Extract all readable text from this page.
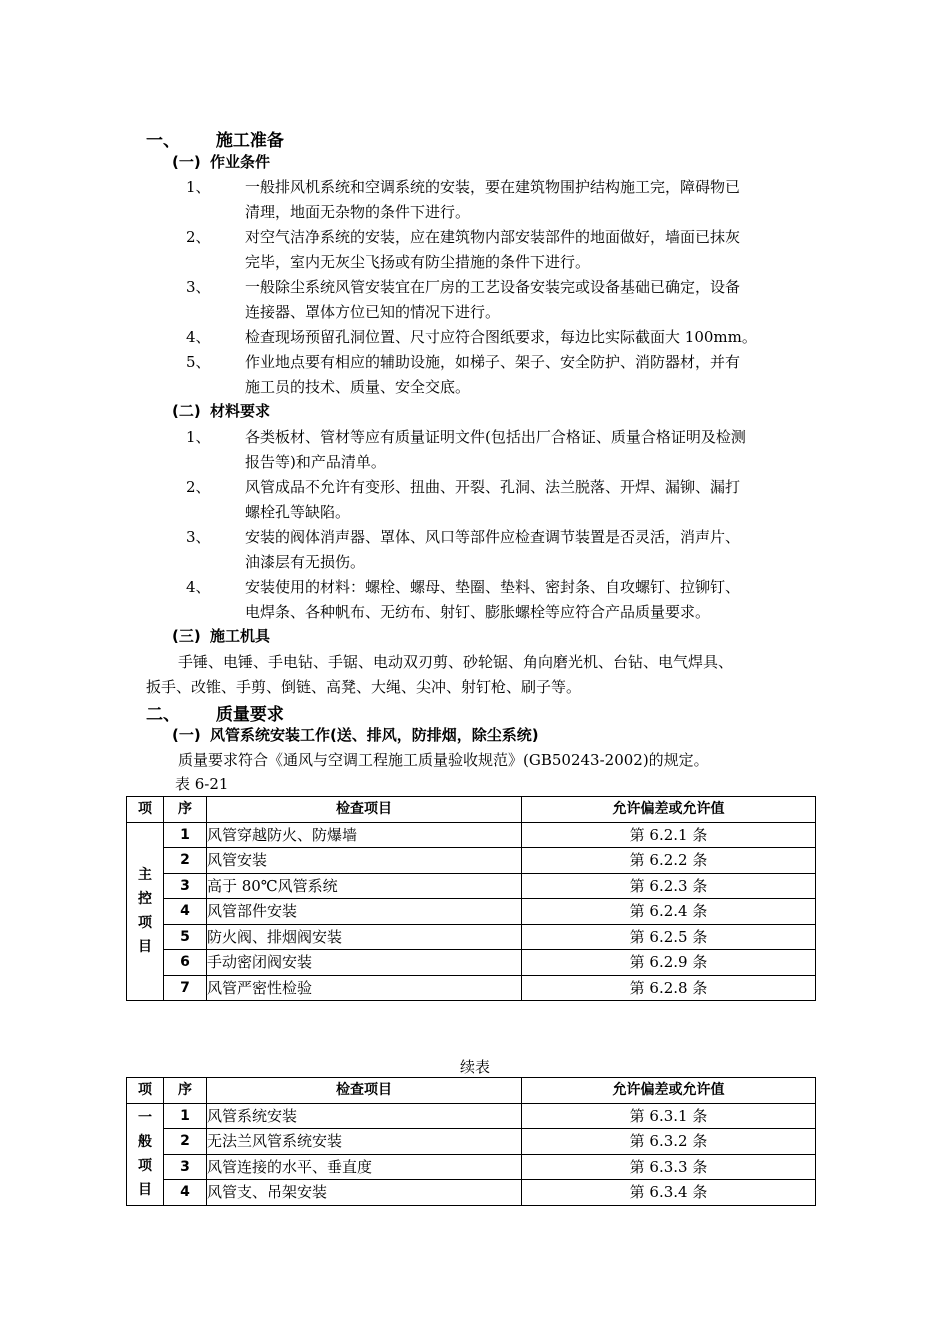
一、 施工准备
(一) 作业条件
1、 一般排风机系统和空调系统的安装，要在建筑物围护结构施工完，障碍物已
清理，地面无杂物的条件下进行。
2、 对空气洁净系统的安装，应在建筑物内部安装部件的地面做好，墙面已抹灰
完毕，室内无灰尘飞扬或有防尘措施的条件下进行。
3、 一般除尘系统风管安装宜在厂房的工艺设备安装完或设备基础已确定，设备
连接器、罩体方位已知的情况下进行。
4、 检查现场预留孔洞位置、尺寸应符合图纸要求，每边比实际截面大 100mm。
5、 作业地点要有相应的辅助设施，如梯子、架子、安全防护、消防器材，并有
施工员的技术、质量、安全交底。
(二) 材料要求
1、 各类板材、管材等应有质量证明文件(包括出厂合格证、质量合格证明及检测
报告等)和产品清单。
2、 风管成品不允许有变形、扭曲、开裂、孔洞、法兰脱落、开焊、漏铆、漏打
螺栓孔等缺陷。
3、 安装的阀体消声器、罩体、风口等部件应检查调节装置是否灵活，消声片、
油漆层有无损伤。
4、 安装使用的材料：螺栓、螺母、垫圈、垫料、密封条、自攻螺钉、拉铆钉、
电焊条、各种帆布、无纺布、射钉、膨胀螺栓等应符合产品质量要求。
(三) 施工机具
手锤、电锤、手电钻、手锯、电动双刃剪、砂轮锯、角向磨光机、台钻、电气焊具、
扳手、改锥、手剪、倒链、高凳、大绳、尖冲、射钉枪、刷子等。
二、 质量要求
(一) 风管系统安装工作(送、排风，防排烟，除尘系统)
质量要求符合《通风与空调工程施工质量验收规范》(GB50243-2002)的规定。
表 6-21
项	序	检查项目	允许偏差或允许值
主控项目	1	风管穿越防火、防爆墙	第 6.2.1 条
	2	风管安装	第 6.2.2 条
	3	高于 80℃风管系统	第 6.2.3 条
	4	风管部件安装	第 6.2.4 条
	5	防火阀、排烟阀安装	第 6.2.5 条
	6	手动密闭阀安装	第 6.2.9 条
	7	风管严密性检验	第 6.2.8 条
续表
项	序	检查项目	允许偏差或允许值
一般项目	1	风管系统安装	第 6.3.1 条
	2	无法兰风管系统安装	第 6.3.2 条
	3	风管连接的水平、垂直度	第 6.3.3 条
	4	风管支、吊架安装	第 6.3.4 条
